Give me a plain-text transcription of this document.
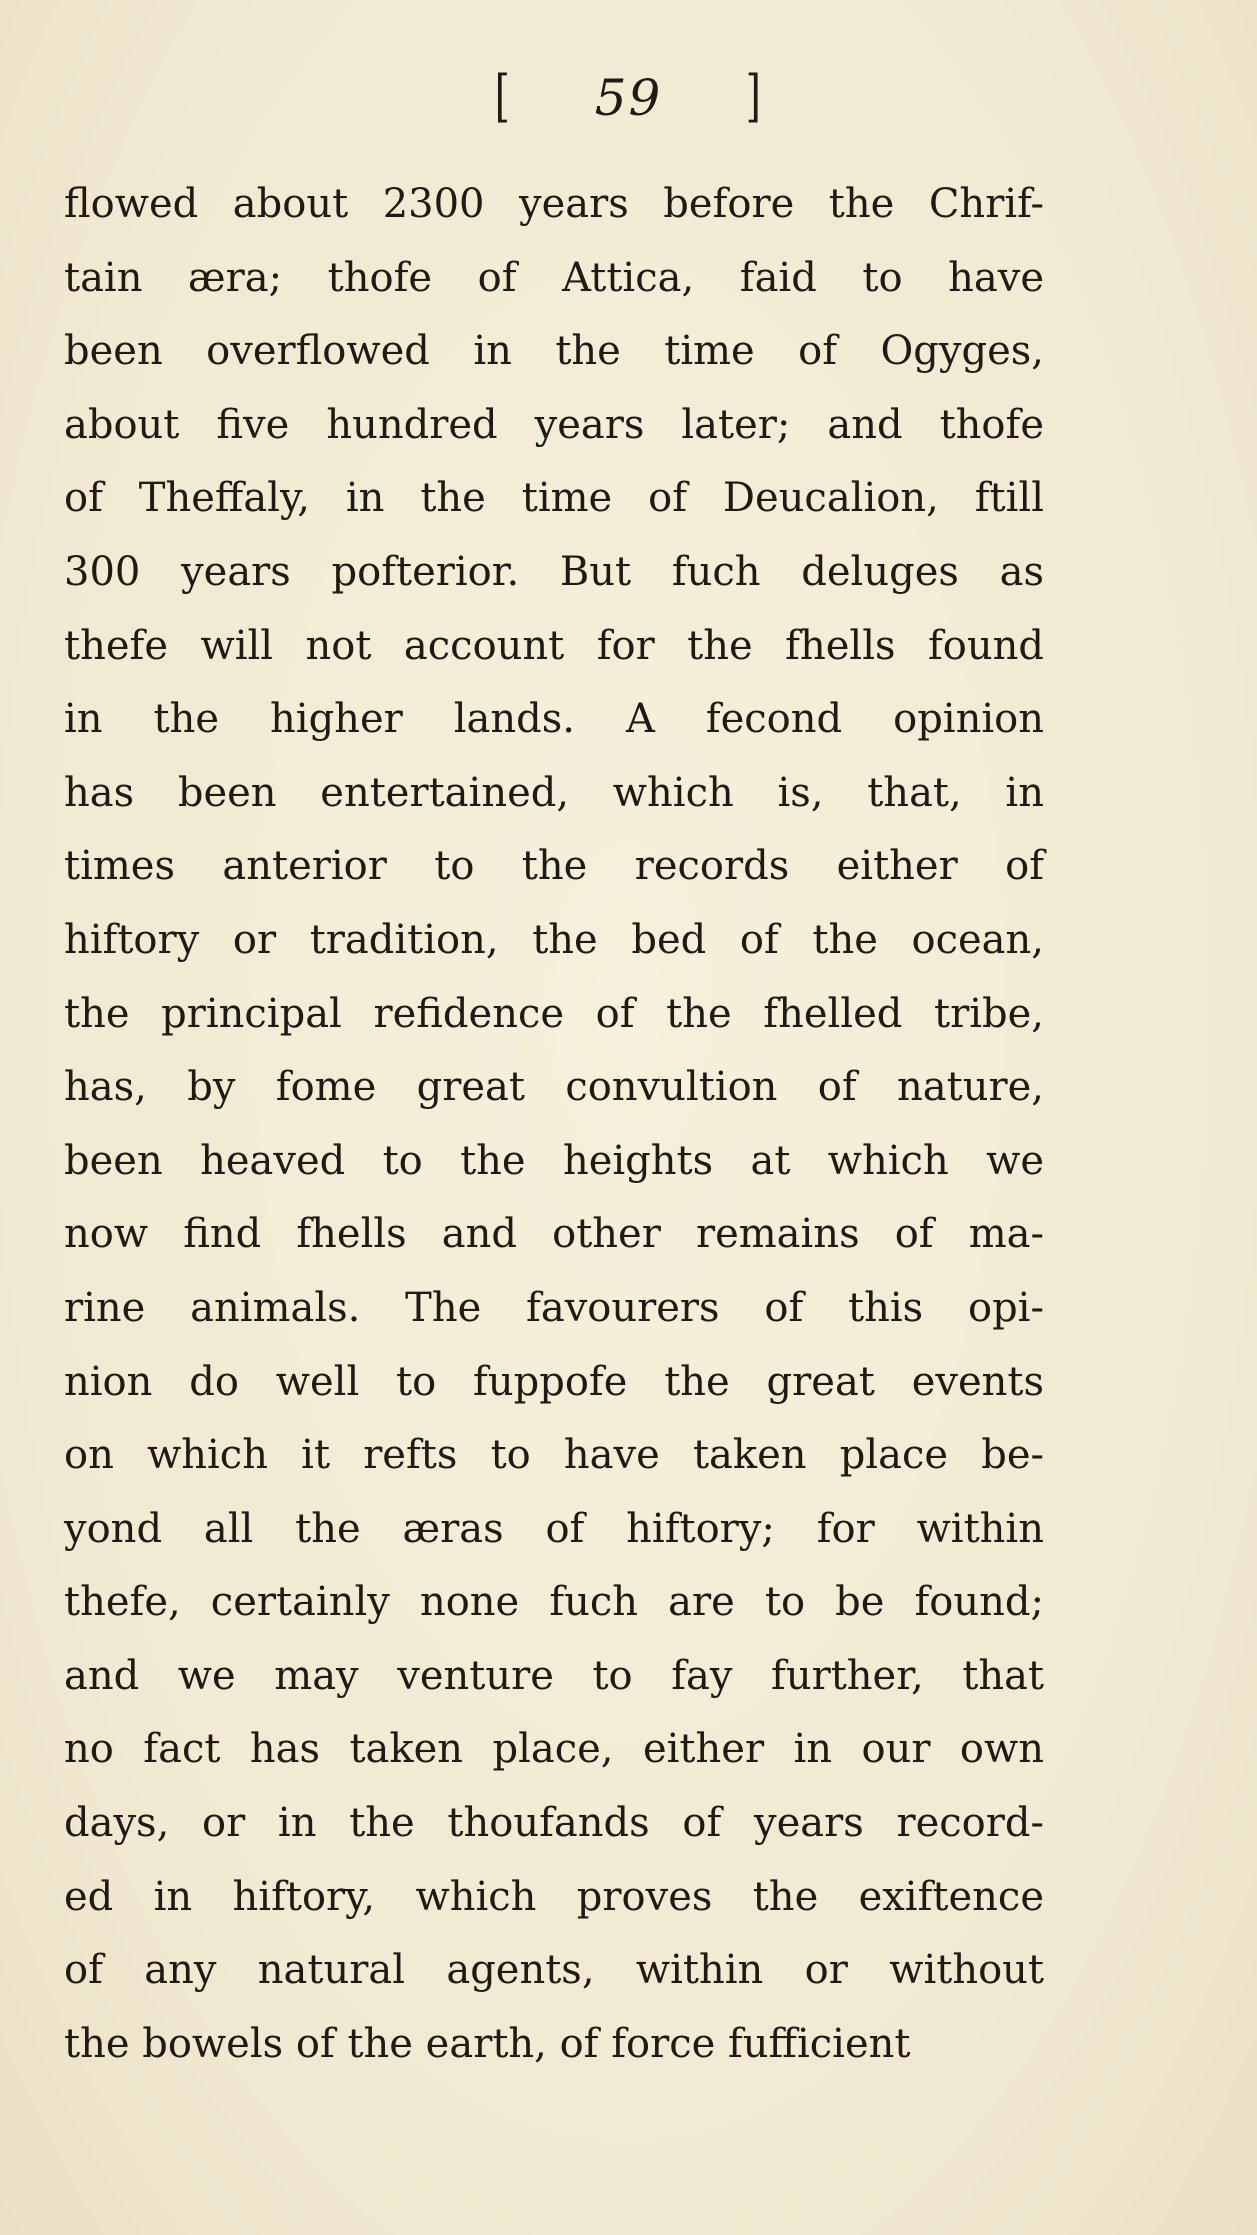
[ 59 ]
flowed about 2300 years before the Chrif-
tain æra; thofe of Attica, faid to have
been overflowed in the time of Ogyges,
about five hundred years later; and thofe
of Theffaly, in the time of Deucalion, ftill
300 years pofterior. But fuch deluges as
thefe will not account for the fhells found
in the higher lands. A fecond opinion
has been entertained, which is, that, in
times anterior to the records either of
hiftory or tradition, the bed of the ocean,
the principal refidence of the fhelled tribe,
has, by fome great convultion of nature,
been heaved to the heights at which we
now find fhells and other remains of ma-
rine animals. The favourers of this opi-
nion do well to fuppofe the great events
on which it refts to have taken place be-
yond all the æras of hiftory; for within
thefe, certainly none fuch are to be found;
and we may venture to fay further, that
no fact has taken place, either in our own
days, or in the thoufands of years record-
ed in hiftory, which proves the exiftence
of any natural agents, within or without
the bowels of the earth, of force fufficient
